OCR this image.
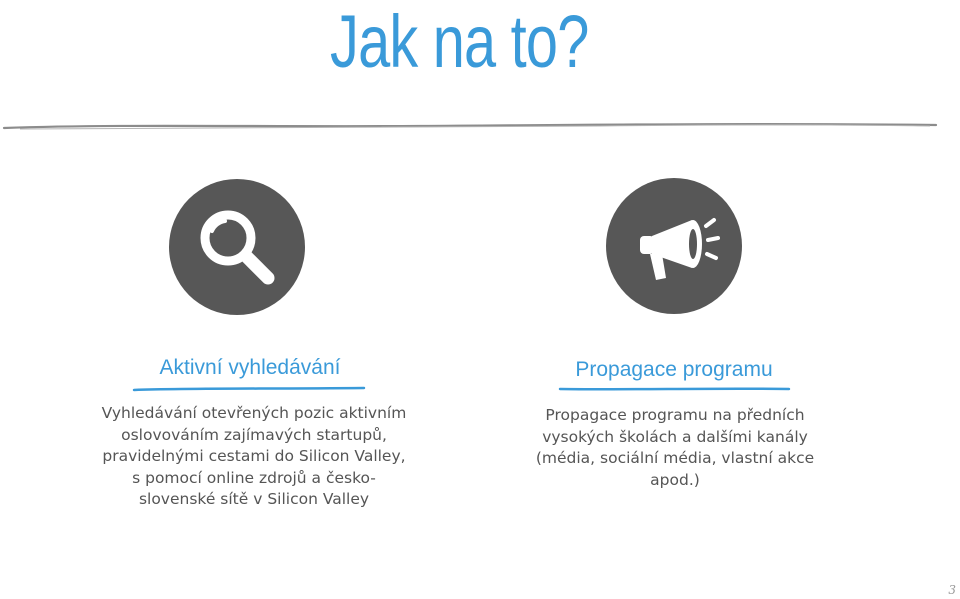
Jak na to?
Aktivní vyhledávání

Vyhledávání otevřených pozic aktivním oslovováním zajímavých startupů, pravidelnými cestami do Silicon Valley, s pomocí online zdrojů a česko-slovenské sítě v Silicon Valley

Propagace programu

Propagace programu na předních vysokých školách a dalšími kanály (média, sociální média, vlastní akce apod.)

3
